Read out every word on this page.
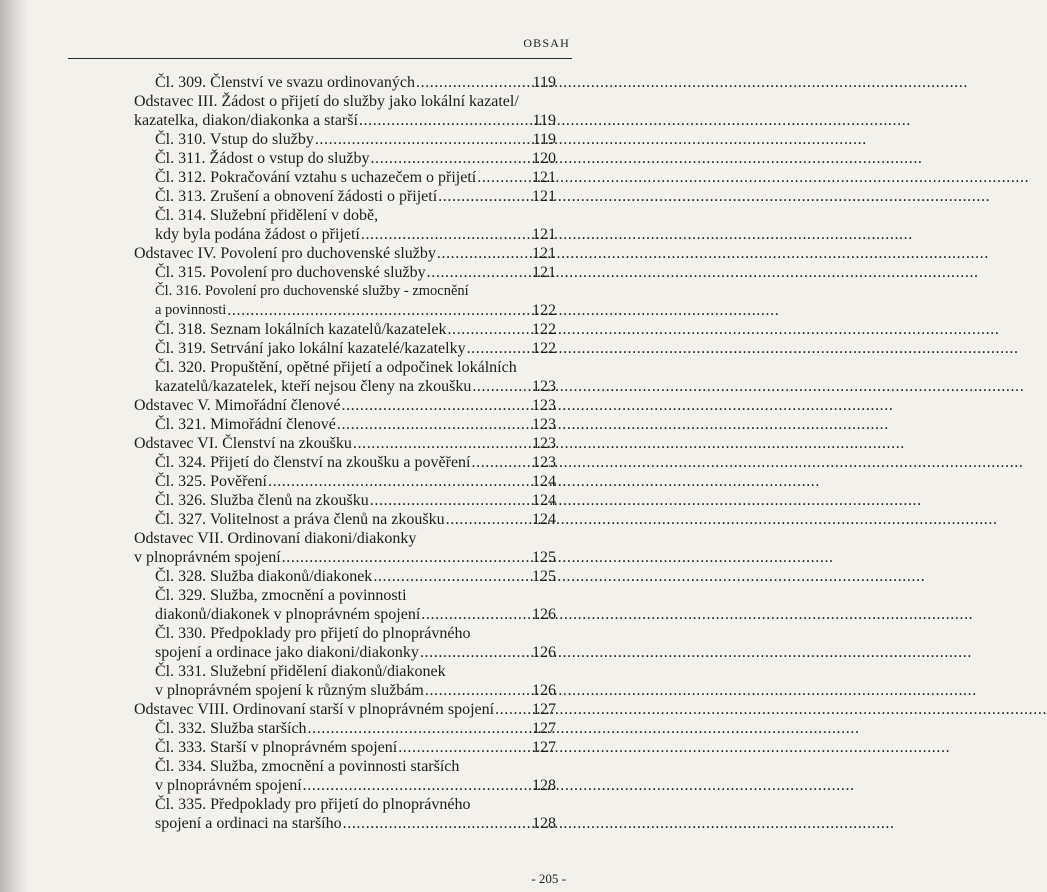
OBSAH
Čl. 309. Členství ve svazu ordinovaných .....	119
Odstavec III. Žádost o přijetí do služby jako lokální kazatel/
kazatelka, diakon/diakonka a starší .....	119
Čl. 310. Vstup do služby .....	119
Čl. 311. Žádost o vstup do služby .....	120
Čl. 312. Pokračování vztahu s uchazečem o přijetí .....	121
Čl. 313. Zrušení a obnovení žádosti o přijetí .....	121
Čl. 314. Služební přidělení v době,
kdy byla podána žádost o přijetí .....	121
Odstavec IV. Povolení pro duchovenské služby .....	121
Čl. 315. Povolení pro duchovenské služby .....	121
Čl. 316. Povolení pro duchovenské služby - zmocnění
a povinnosti .....	122
Čl. 318. Seznam lokálních kazatelů/kazatelek .....	122
Čl. 319. Setrvání jako lokální kazatelé/kazatelky .....	122
Čl. 320. Propuštění, opětné přijetí a odpočinek lokálních
kazatelů/kazatelek, kteří nejsou členy na zkoušku .....	123
Odstavec V. Mimořádní členové .....	123
Čl. 321. Mimořádní členové .....	123
Odstavec VI. Členství na zkoušku .....	123
Čl. 324. Přijetí do členství na zkoušku a pověření .....	123
Čl. 325. Pověření .....	124
Čl. 326. Služba členů na zkoušku .....	124
Čl. 327. Volitelnost a práva členů na zkoušku .....	124
Odstavec VII. Ordinovaní diakoni/diakonky
v plnoprávném spojení .....	125
Čl. 328. Služba diakonů/diakonek .....	125
Čl. 329. Služba, zmocnění a povinnosti
diakonů/diakonek v plnoprávném spojení .....	126
Čl. 330. Předpoklady pro přijetí do plnoprávného
spojení a ordinace jako diakoni/diakonky .....	126
Čl. 331. Služební přidělení diakonů/diakonek
v plnoprávném spojení k různým službám .....	126
Odstavec VIII. Ordinovaní starší v plnoprávném spojení ..... 127
Čl. 332. Služba starších .....	127
Čl. 333. Starší v plnoprávném spojení .....	127
Čl. 334. Služba, zmocnění a povinnosti starších
v plnoprávném spojení .....	128
Čl. 335. Předpoklady pro přijetí do plnoprávného
spojení a ordinaci na staršího .....	128
- 205 -
